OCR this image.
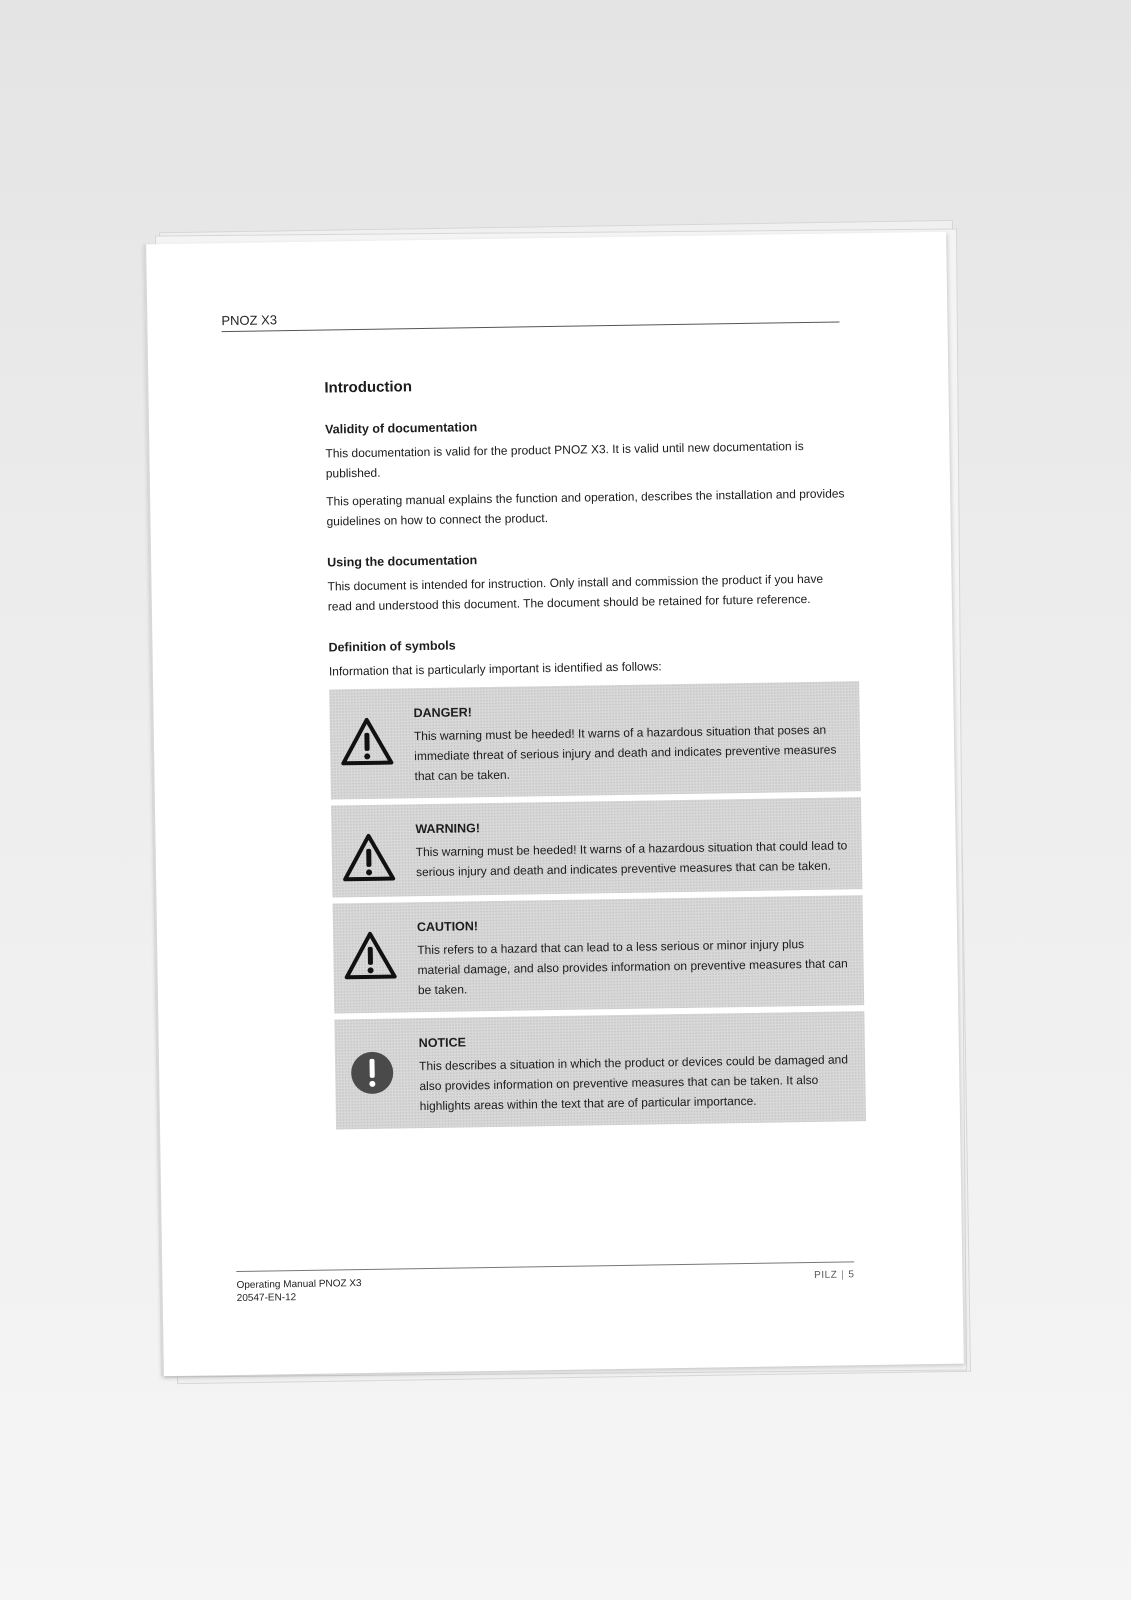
PNOZ X3
Introduction
Validity of documentation

This documentation is valid for the product PNOZ X3. It is valid until new documentation is published.

This operating manual explains the function and operation, describes the installation and provides guidelines on how to connect the product.

Using the documentation

This document is intended for instruction. Only install and commission the product if you have read and understood this document. The document should be retained for future reference.

Definition of symbols

Information that is particularly important is identified as follows:

DANGER!

This warning must be heeded! It warns of a hazardous situation that poses an immediate threat of serious injury and death and indicates preventive measures that can be taken.

WARNING!

This warning must be heeded! It warns of a hazardous situation that could lead to serious injury and death and indicates preventive measures that can be taken.

CAUTION!

This refers to a hazard that can lead to a less serious or minor injury plus material damage, and also provides information on preventive measures that can be taken.

NOTICE

This describes a situation in which the product or devices could be damaged and also provides information on preventive measures that can be taken. It also highlights areas within the text that are of particular importance.

Operating Manual PNOZ X3
20547-EN-12
PILZ | 5
